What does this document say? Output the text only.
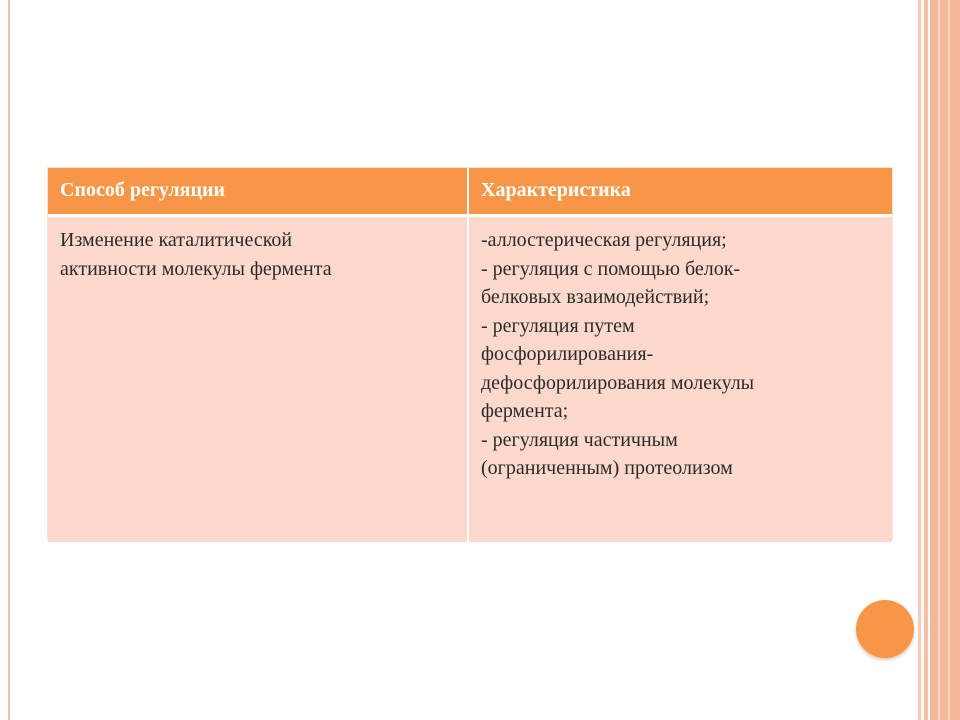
Способ регуляции	Характеристика
Изменение каталитической
активности молекулы фермента
-аллостерическая регуляция;
- регуляция с помощью белок-
белковых взаимодействий;
- регуляция путем
фосфорилирования-
дефосфорилирования молекулы
фермента;
- регуляция частичным
(ограниченным) протеолизом
